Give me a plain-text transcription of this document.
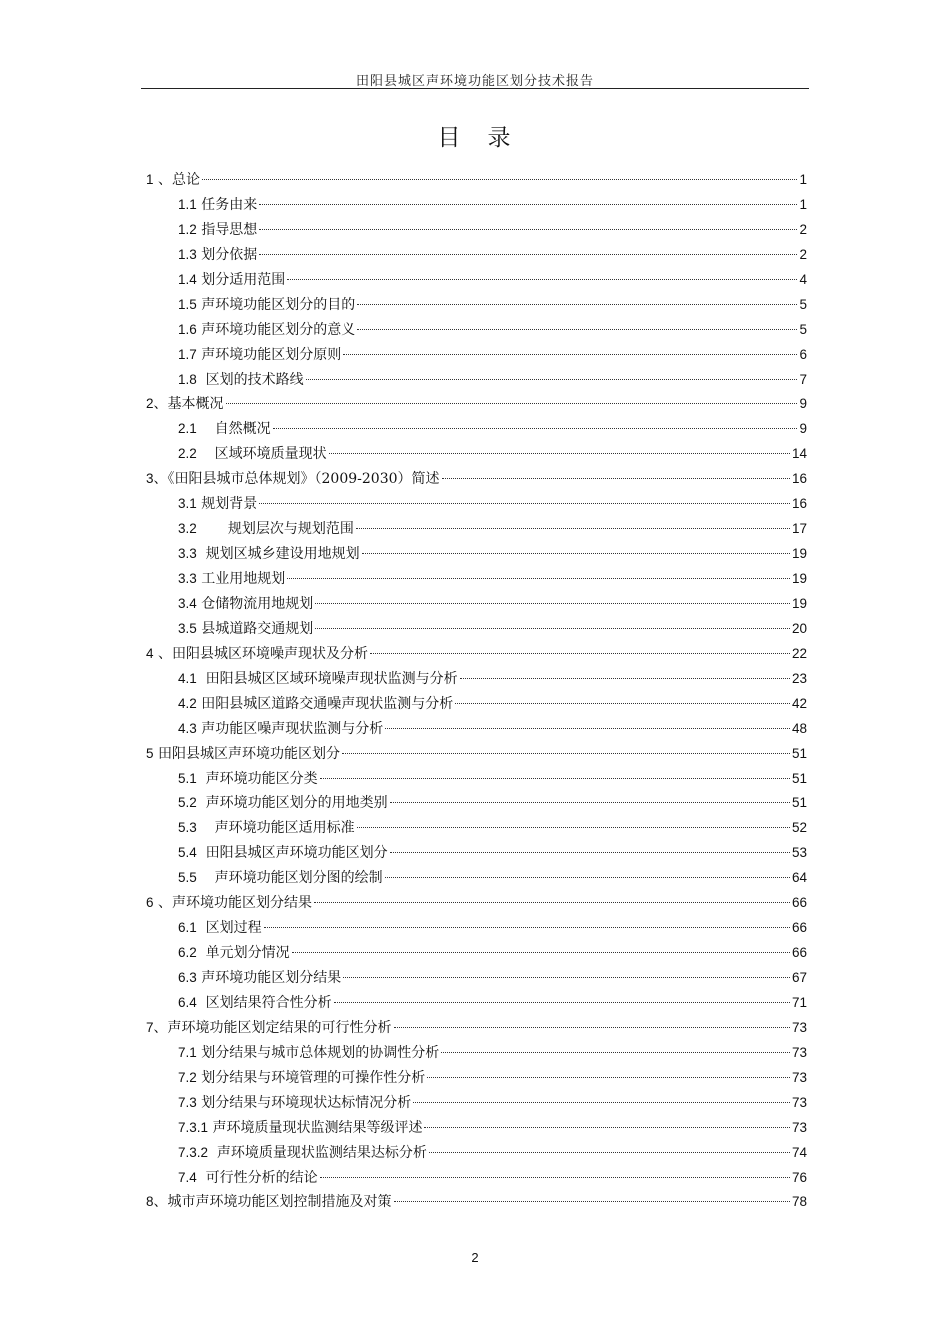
田阳县城区声环境功能区划分技术报告
目　录
1 、总论	1
1.1 任务由来	1
1.2 指导思想	2
1.3 划分依据	2
1.4 划分适用范围	4
1.5 声环境功能区划分的目的	5
1.6 声环境功能区划分的意义	5
1.7 声环境功能区划分原则	6
1.8 区划的技术路线	7
2 、基本概况	9
2.1 自然概况	9
2.2 区域环境质量现状	14
3 、《田阳县城市总体规划》（2009-2030）简述	16
3.1 规划背景	16
3.2 规划层次与规划范围	17
3.3 规划区城乡建设用地规划	19
3.3 工业用地规划	19
3.4 仓储物流用地规划	19
3.5 县城道路交通规划	20
4 、田阳县城区环境噪声现状及分析	22
4.1 田阳县城区区域环境噪声现状监测与分析	23
4.2 田阳县城区道路交通噪声现状监测与分析	42
4.3 声功能区噪声现状监测与分析	48
5 田阳县城区声环境功能区划分	51
5.1 声环境功能区分类	51
5.2 声环境功能区划分的用地类别	51
5.3 声环境功能区适用标准	52
5.4 田阳县城区声环境功能区划分	53
5.5 声环境功能区划分图的绘制	64
6 、声环境功能区划分结果	66
6.1 区划过程	66
6.2 单元划分情况	66
6.3 声环境功能区划分结果	67
6.4 区划结果符合性分析	71
7 、声环境功能区划定结果的可行性分析	73
7.1 划分结果与城市总体规划的协调性分析	73
7.2 划分结果与环境管理的可操作性分析	73
7.3 划分结果与环境现状达标情况分析	73
7.3.1 声环境质量现状监测结果等级评述	73
7.3.2 声环境质量现状监测结果达标分析	74
7.4 可行性分析的结论	76
8 、城市声环境功能区划控制措施及对策	78
2
